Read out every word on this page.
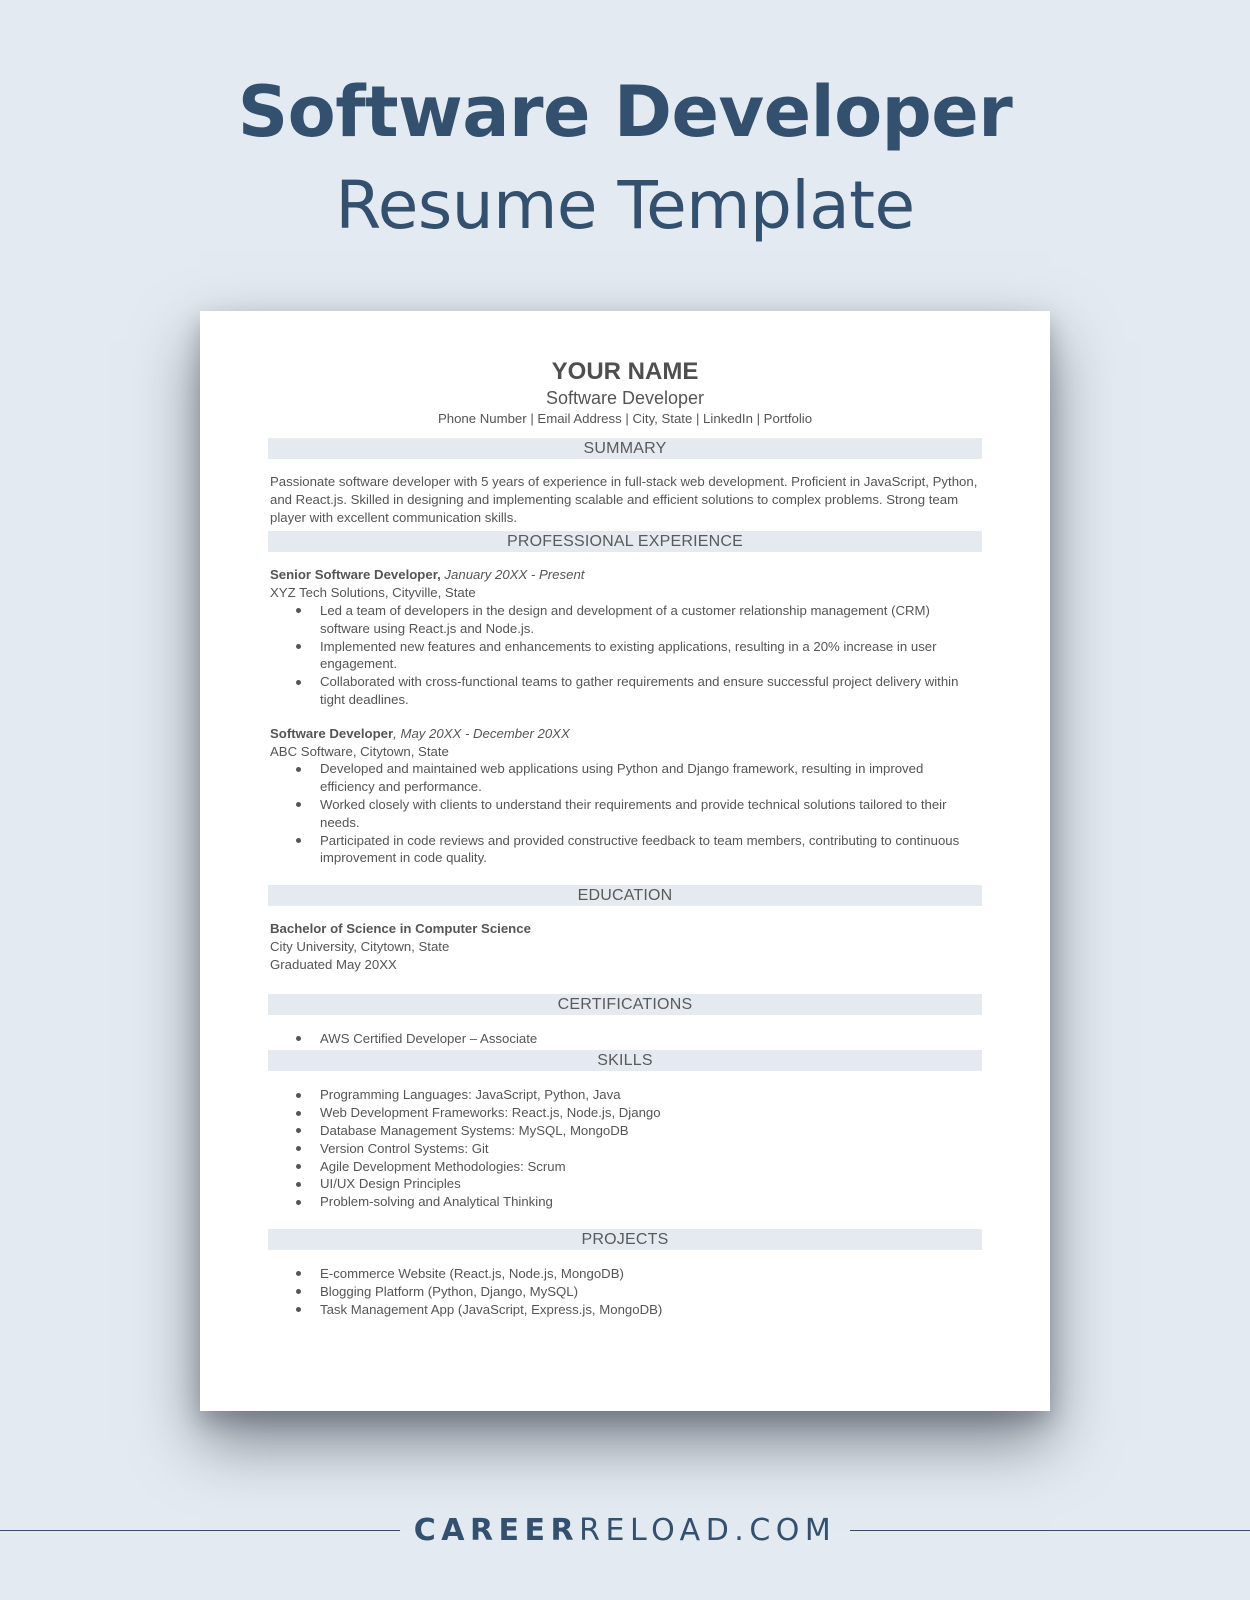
Software Developer
Resume Template
YOUR NAME
Software Developer
Phone Number | Email Address | City, State | LinkedIn | Portfolio
SUMMARY
Passionate software developer with 5 years of experience in full-stack web development. Proficient in JavaScript, Python, and React.js. Skilled in designing and implementing scalable and efficient solutions to complex problems. Strong team player with excellent communication skills.
PROFESSIONAL EXPERIENCE
Senior Software Developer, January 20XX - Present
XYZ Tech Solutions, Cityville, State
Led a team of developers in the design and development of a customer relationship management (CRM) software using React.js and Node.js.
Implemented new features and enhancements to existing applications, resulting in a 20% increase in user engagement.
Collaborated with cross-functional teams to gather requirements and ensure successful project delivery within tight deadlines.
Software Developer, May 20XX - December 20XX
ABC Software, Citytown, State
Developed and maintained web applications using Python and Django framework, resulting in improved efficiency and performance.
Worked closely with clients to understand their requirements and provide technical solutions tailored to their needs.
Participated in code reviews and provided constructive feedback to team members, contributing to continuous improvement in code quality.
EDUCATION
Bachelor of Science in Computer Science
City University, Citytown, State
Graduated May 20XX
CERTIFICATIONS
AWS Certified Developer – Associate
SKILLS
Programming Languages: JavaScript, Python, Java
Web Development Frameworks: React.js, Node.js, Django
Database Management Systems: MySQL, MongoDB
Version Control Systems: Git
Agile Development Methodologies: Scrum
UI/UX Design Principles
Problem-solving and Analytical Thinking
PROJECTS
E-commerce Website (React.js, Node.js, MongoDB)
Blogging Platform (Python, Django, MySQL)
Task Management App (JavaScript, Express.js, MongoDB)
CAREERRELOAD.COM
